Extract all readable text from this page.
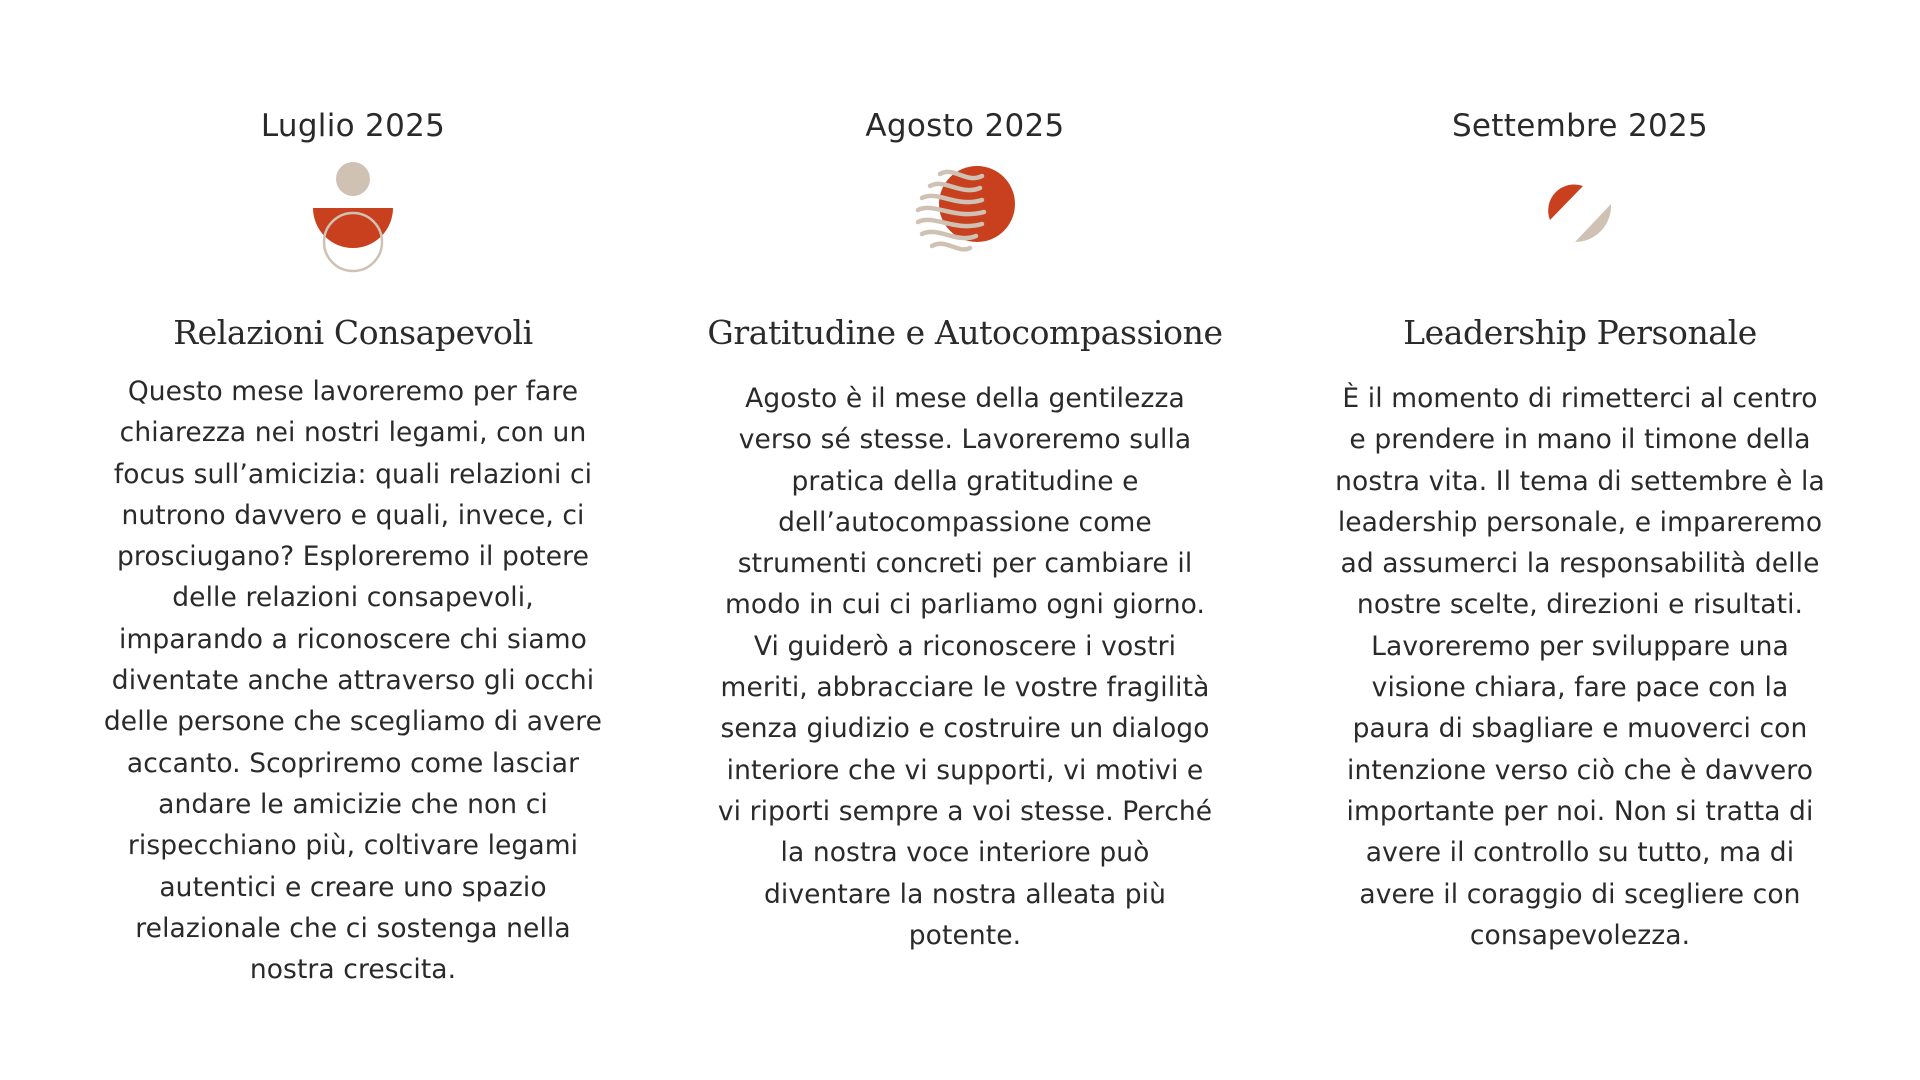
Luglio 2025
Relazioni Consapevoli

Questo mese lavoreremo per fare chiarezza nei nostri legami, con un focus sull’amicizia: quali relazioni ci nutrono davvero e quali, invece, ci prosciugano? Esploreremo il potere delle relazioni consapevoli, imparando a riconoscere chi siamo diventate anche attraverso gli occhi delle persone che scegliamo di avere accanto. Scopriremo come lasciar andare le amicizie che non ci rispecchiano più, coltivare legami autentici e creare uno spazio relazionale che ci sostenga nella nostra crescita.

Agosto 2025
Gratitudine e Autocompassione

Agosto è il mese della gentilezza verso sé stesse. Lavoreremo sulla pratica della gratitudine e dell’autocompassione come strumenti concreti per cambiare il modo in cui ci parliamo ogni giorno. Vi guiderò a riconoscere i vostri meriti, abbracciare le vostre fragilità senza giudizio e costruire un dialogo interiore che vi supporti, vi motivi e vi riporti sempre a voi stesse. Perché la nostra voce interiore può diventare la nostra alleata più potente.

Settembre 2025
Leadership Personale

È il momento di rimetterci al centro e prendere in mano il timone della nostra vita. Il tema di settembre è la leadership personale, e impareremo ad assumerci la responsabilità delle nostre scelte, direzioni e risultati. Lavoreremo per sviluppare una visione chiara, fare pace con la paura di sbagliare e muoverci con intenzione verso ciò che è davvero importante per noi. Non si tratta di avere il controllo su tutto, ma di avere il coraggio di scegliere con consapevolezza.
